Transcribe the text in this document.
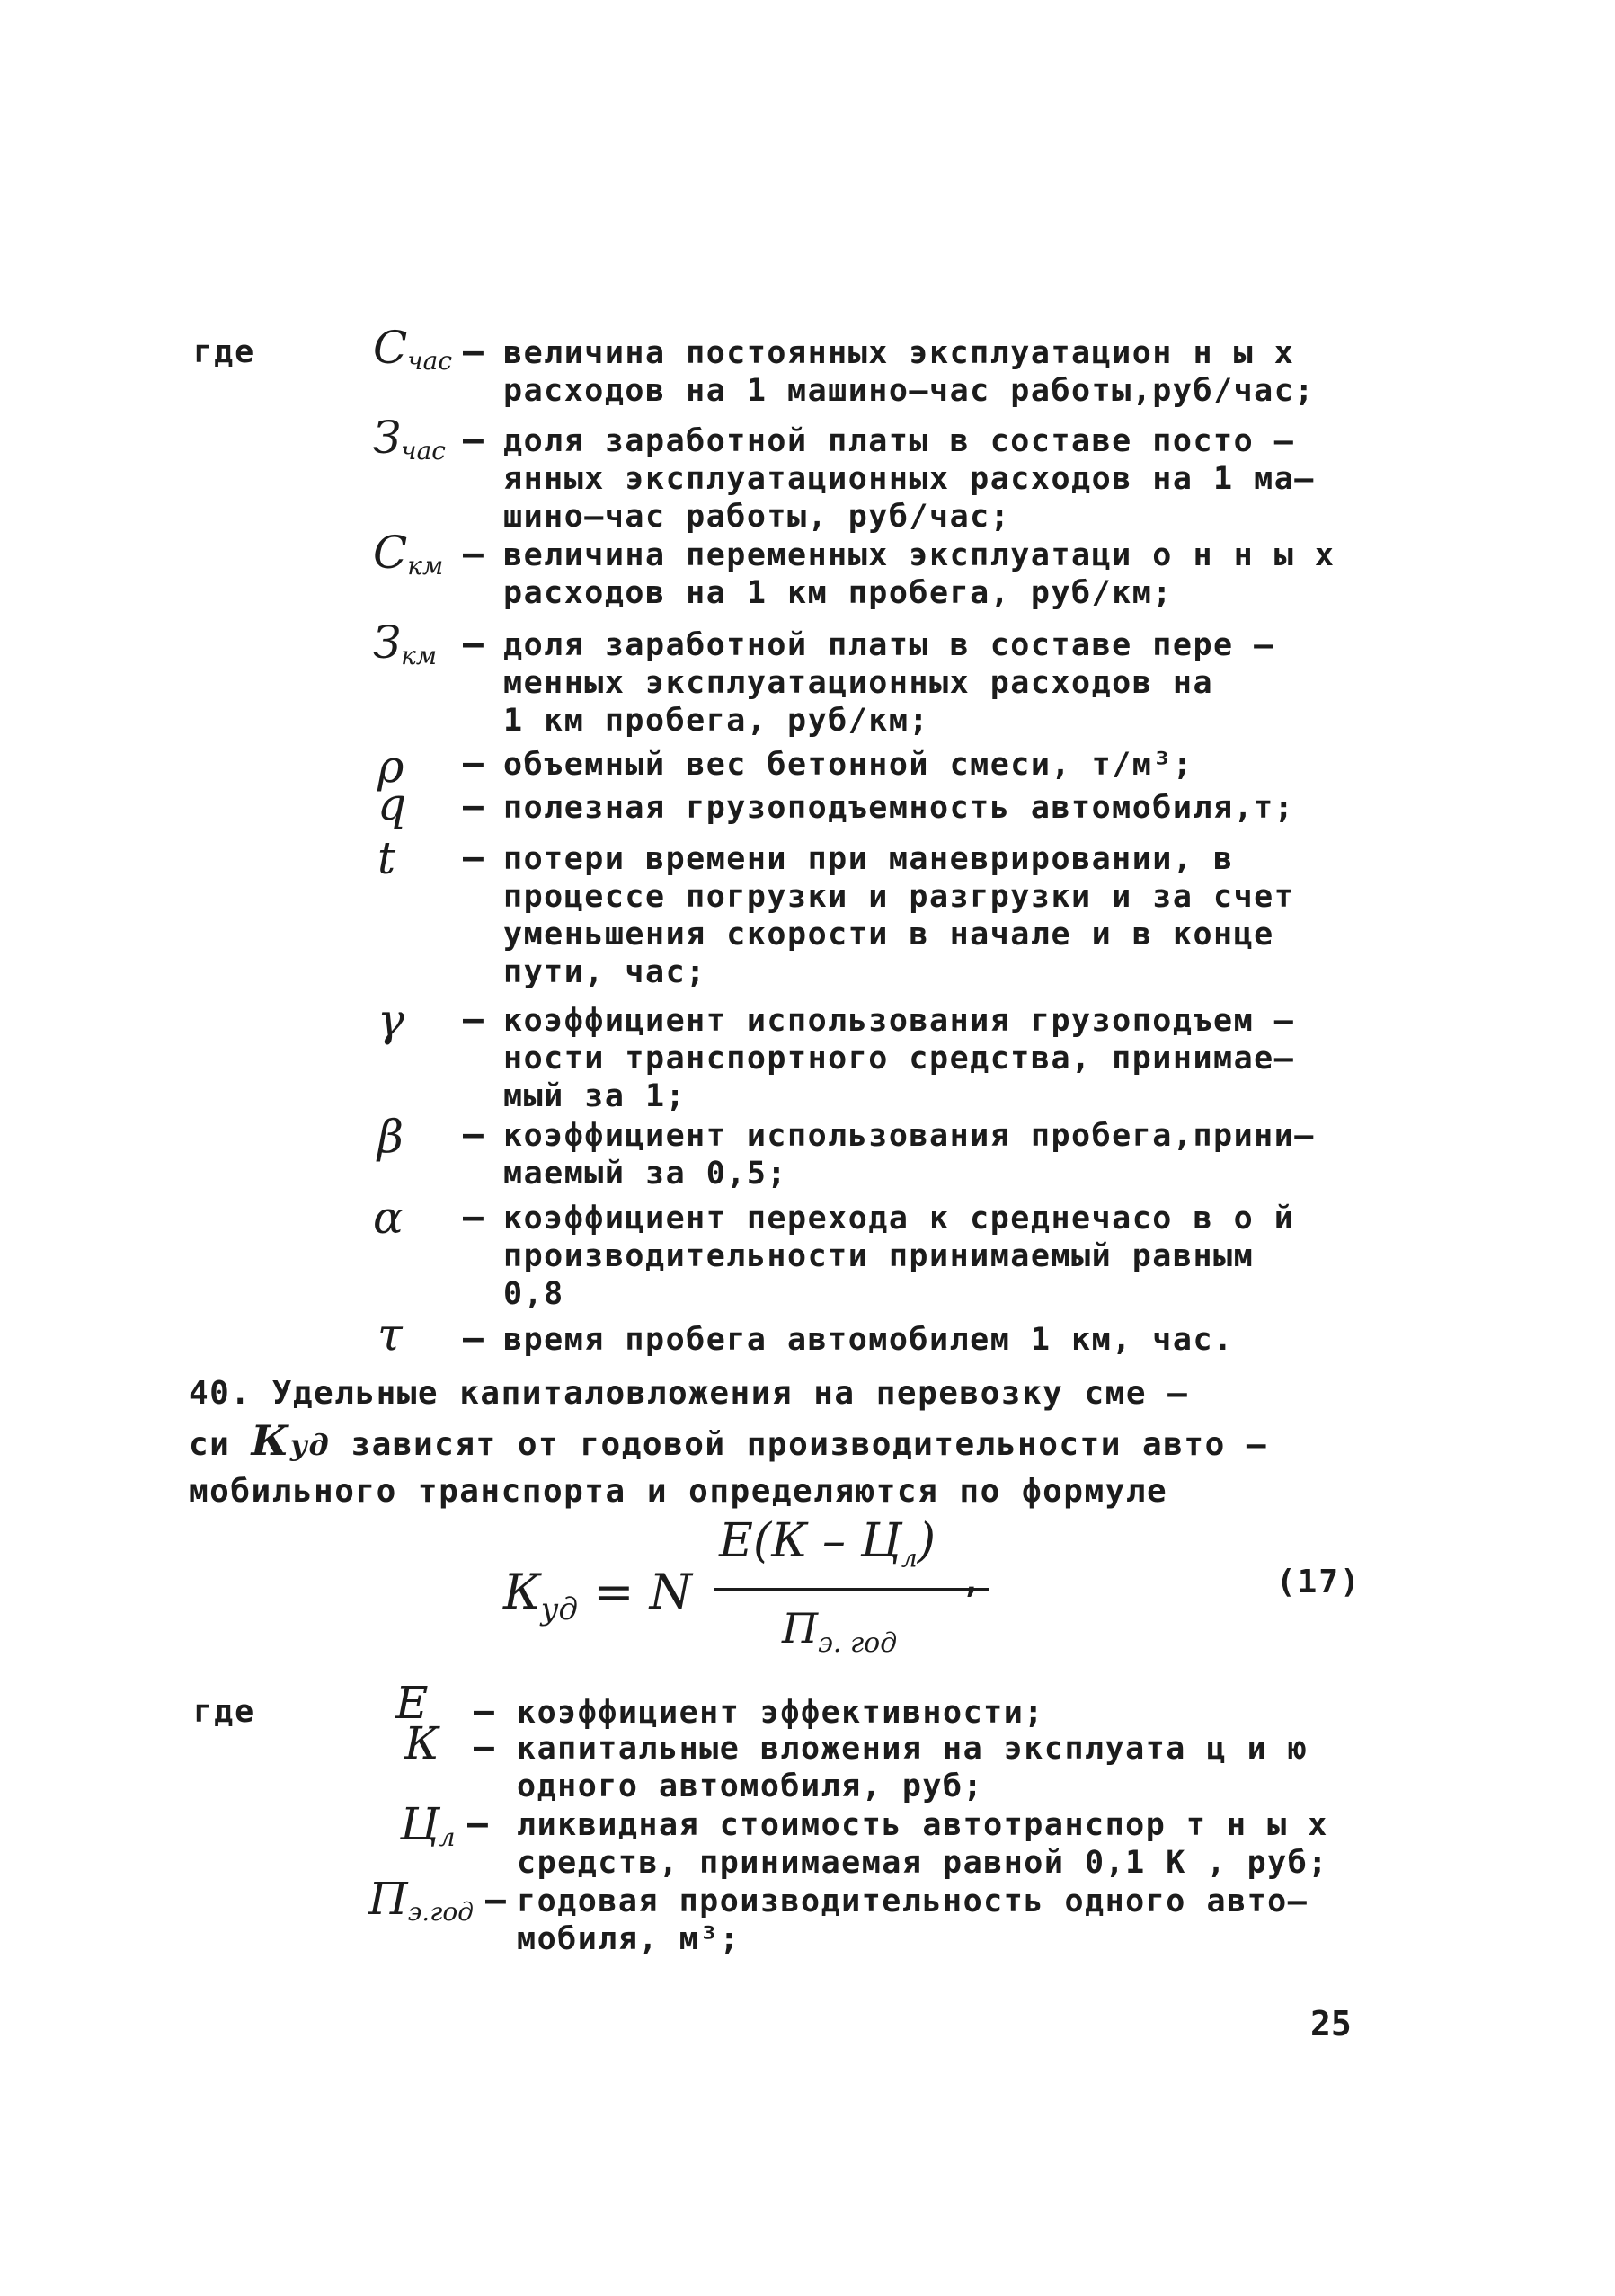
где	$C_{час}$ – величина постоянных эксплуатацион н ы х
расходов на 1 машино–час работы,руб/час;
$З_{час}$ – доля заработной платы в составе посто –
янных эксплуатационных расходов на 1 ма–
шино–час работы, руб/час;
$C_{км}$ – величина переменных эксплуатаци о н н ы х
расходов на 1 км пробега, руб/км;
$З_{км}$ – доля заработной платы в составе пере –
менных эксплуатационных расходов на
1 км пробега, руб/км;
ρ – объемный вес бетонной смеси, т/м³;
q – полезная грузоподъемность автомобиля,т;
t – потери времени при маневрировании, в
процессе погрузки и разгрузки и за счет
уменьшения скорости в начале и в конце
пути, час;
γ – коэффициент использования грузоподъем –
ности транспортного средства, принимае–
мый за 1;
β – коэффициент использования пробега,прини–
маемый за 0,5;
α – коэффициент перехода к среднечасо в о й
производительности принимаемый равным
0,8
τ – время пробега автомобилем 1 км, час.

40. Удельные капиталовложения на перевозку сме –

си Куд зависят от годовой производительности авто –

мобильного транспорта и определяются по формуле

$К_{уд} = N$
$E(К - Ц_л)$
$П_{э. год}$
,	(17)
где	Е – коэффициент эффективности;
К – капитальные вложения на эксплуата ц и ю
одного автомобиля, руб;
$Ц_л$ – ликвидная стоимость автотранспор т н ы х
средств, принимаемая равной 0,1 К , руб;
$П_{э.год}$ – годовая производительность одного авто–
мобиля, м³;
25
